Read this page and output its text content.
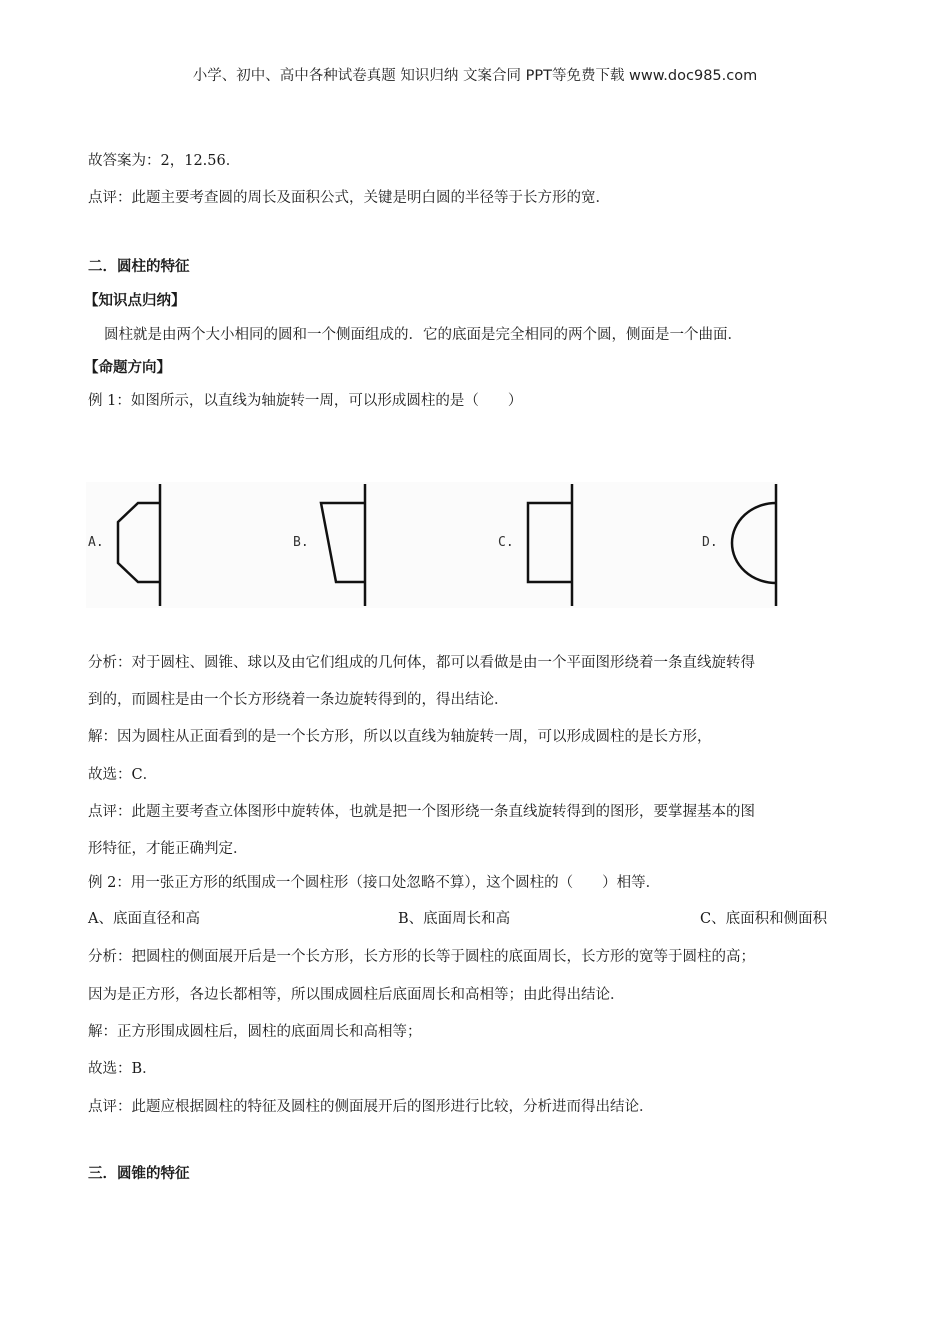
小学、初中、高中各种试卷真题 知识归纳 文案合同 PPT等免费下载 www.doc985.com
故答案为：2，12.56．
点评：此题主要考查圆的周长及面积公式，关键是明白圆的半径等于长方形的宽．
二．圆柱的特征
【知识点归纳】
圆柱就是由两个大小相同的圆和一个侧面组成的．它的底面是完全相同的两个圆，侧面是一个曲面．
【命题方向】
例 1：如图所示，以直线为轴旋转一周，可以形成圆柱的是（　　）
A.	B.	C.	D.
分析：对于圆柱、圆锥、球以及由它们组成的几何体，都可以看做是由一个平面图形绕着一条直线旋转得
到的，而圆柱是由一个长方形绕着一条边旋转得到的，得出结论．
解：因为圆柱从正面看到的是一个长方形，所以以直线为轴旋转一周，可以形成圆柱的是长方形，
故选：C．
点评：此题主要考查立体图形中旋转体，也就是把一个图形绕一条直线旋转得到的图形，要掌握基本的图
形特征，才能正确判定．
例 2：用一张正方形的纸围成一个圆柱形（接口处忽略不算），这个圆柱的（　　）相等．
A、底面直径和高	B、底面周长和高	C、底面积和侧面积
分析：把圆柱的侧面展开后是一个长方形，长方形的长等于圆柱的底面周长，长方形的宽等于圆柱的高；
因为是正方形，各边长都相等，所以围成圆柱后底面周长和高相等；由此得出结论．
解：正方形围成圆柱后，圆柱的底面周长和高相等；
故选：B．
点评：此题应根据圆柱的特征及圆柱的侧面展开后的图形进行比较，分析进而得出结论．
三．圆锥的特征
